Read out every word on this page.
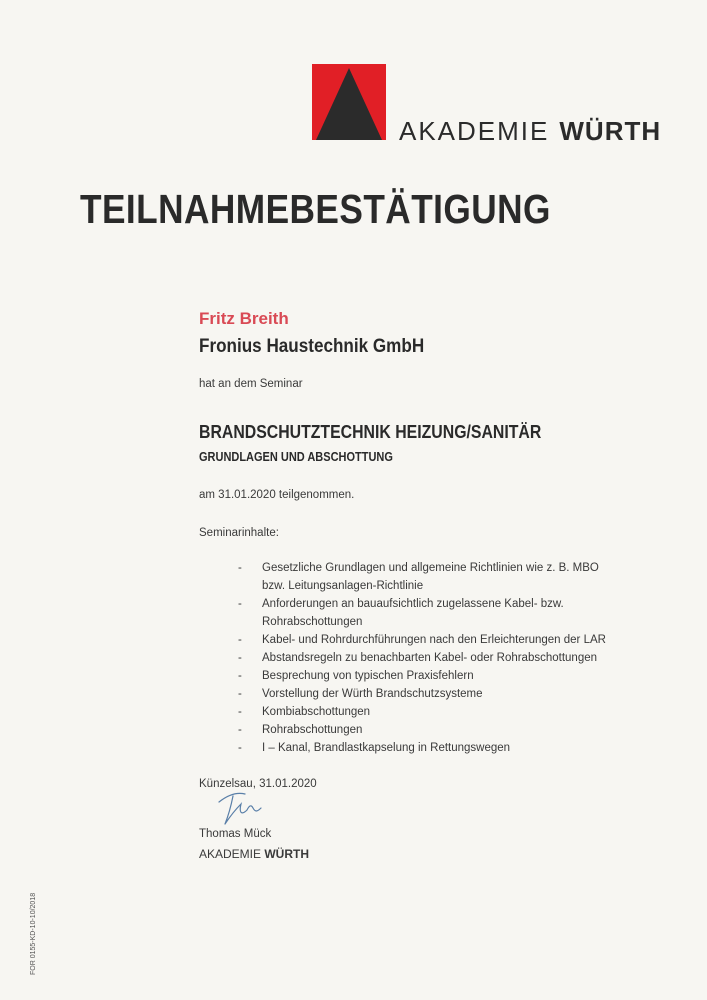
AKADEMIE WÜRTH
TEILNAHMEBESTÄTIGUNG
Fritz Breith
Fronius Haustechnik GmbH
hat an dem Seminar
BRANDSCHUTZTECHNIK HEIZUNG/SANITÄR
GRUNDLAGEN UND ABSCHOTTUNG
am 31.01.2020 teilgenommen.
Seminarinhalte:
- Gesetzliche Grundlagen und allgemeine Richtlinien wie z. B. MBO bzw. Leitungsanlagen-Richtlinie
- Anforderungen an bauaufsichtlich zugelassene Kabel- bzw. Rohrabschottungen
- Kabel- und Rohrdurchführungen nach den Erleichterungen der LAR
- Abstandsregeln zu benachbarten Kabel- oder Rohrabschottungen
- Besprechung von typischen Praxisfehlern
- Vorstellung der Würth Brandschutzsysteme
- Kombiabschottungen
- Rohrabschottungen
- I – Kanal, Brandlastkapselung in Rettungswegen
Künzelsau, 31.01.2020
Thomas Mück
AKADEMIE WÜRTH
FOR 0155-KD-10-10/2018
